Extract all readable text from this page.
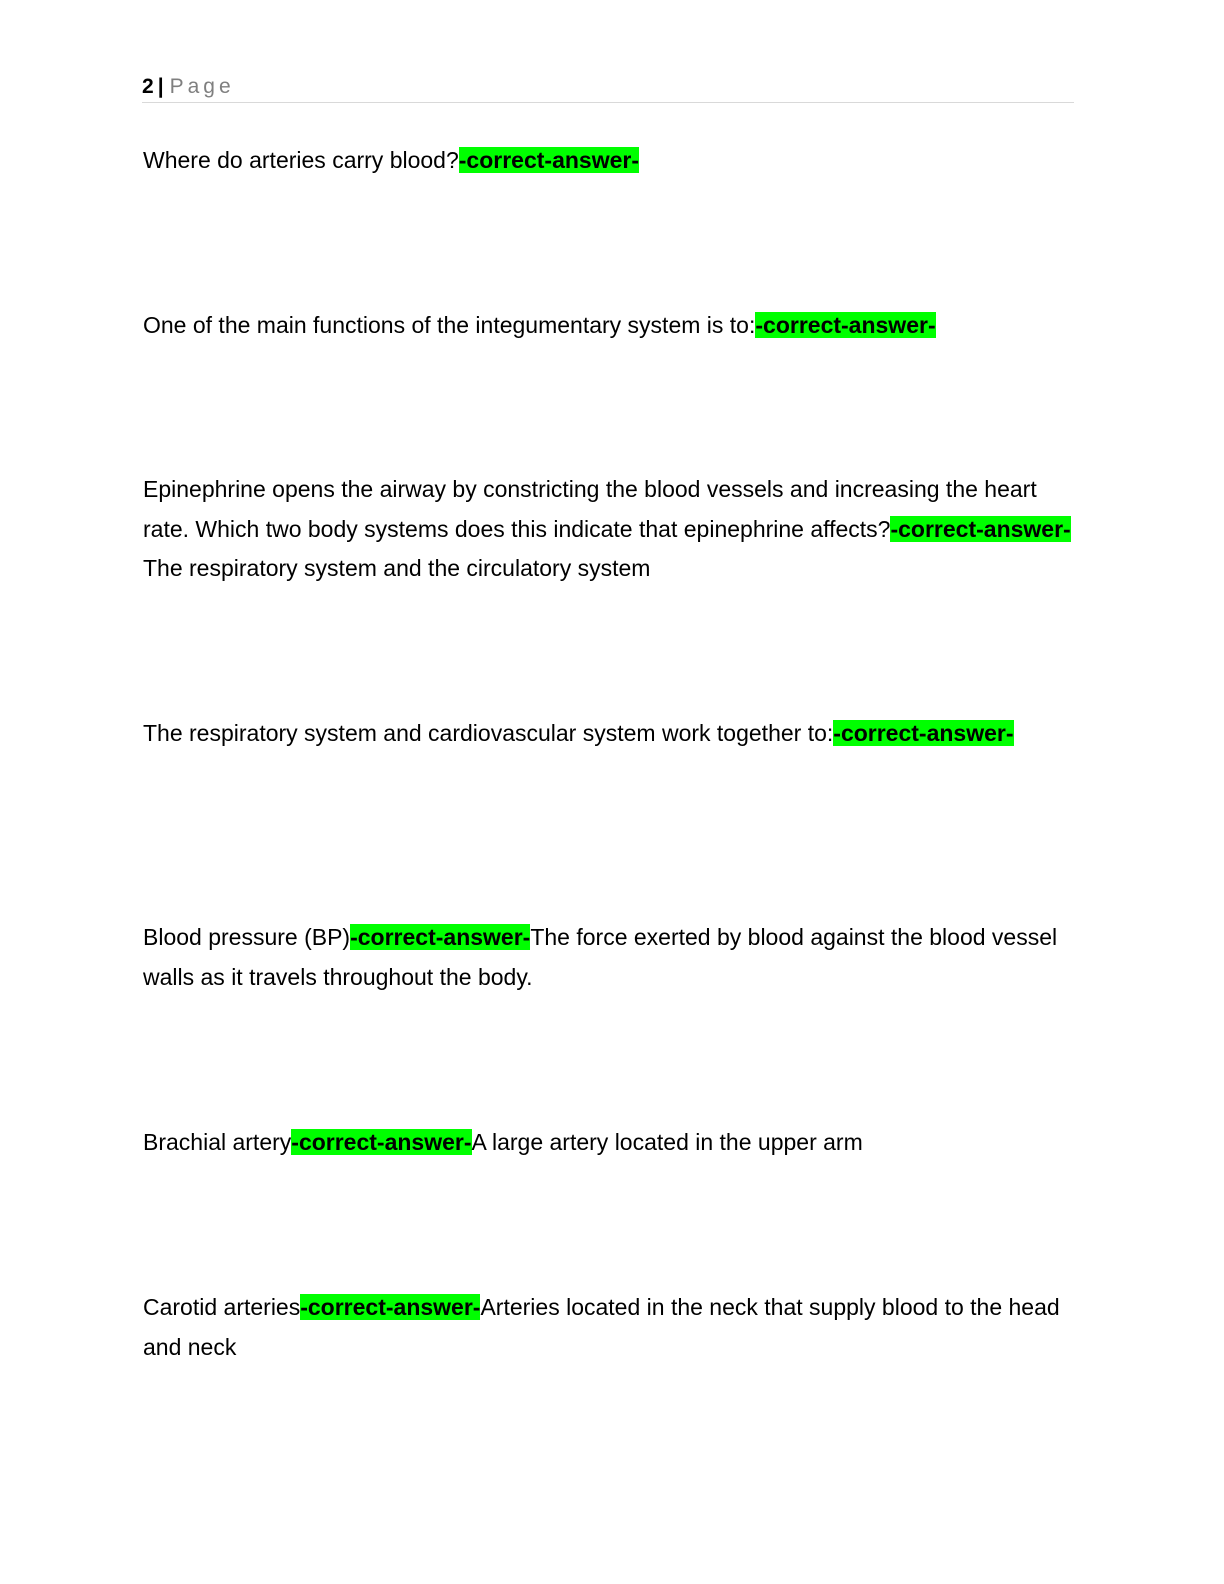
2 | Page

Where do arteries carry blood?-correct-answer-

One of the main functions of the integumentary system is to:-correct-answer-

Epinephrine opens the airway by constricting the blood vessels and increasing the heart rate. Which two body systems does this indicate that epinephrine affects?-correct-answer-The respiratory system and the circulatory system

The respiratory system and cardiovascular system work together to:-correct-answer-

Blood pressure (BP)-correct-answer-The force exerted by blood against the blood vessel walls as it travels throughout the body.

Brachial artery-correct-answer-A large artery located in the upper arm

Carotid arteries-correct-answer-Arteries located in the neck that supply blood to the head and neck
